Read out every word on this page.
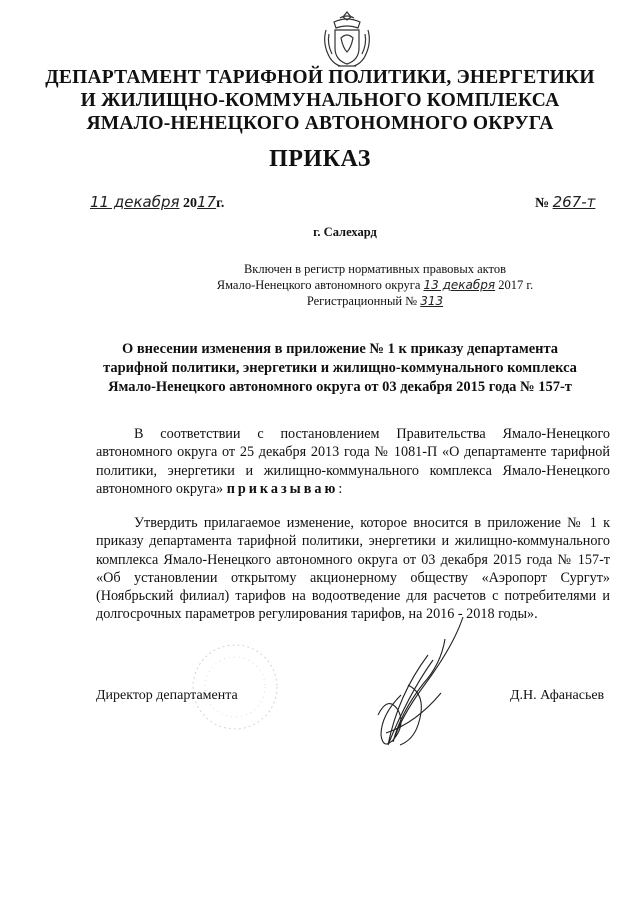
ДЕПАРТАМЕНТ ТАРИФНОЙ ПОЛИТИКИ, ЭНЕРГЕТИКИ
И ЖИЛИЩНО-КОММУНАЛЬНОГО КОМПЛЕКСА
ЯМАЛО-НЕНЕЦКОГО АВТОНОМНОГО ОКРУГА
ПРИКАЗ
11 декабря 2017г.	№ 267-т
г. Салехард
Включен в регистр нормативных правовых актов
Ямало-Ненецкого автономного округа 13 декабря 2017 г.
Регистрационный № 313
О внесении изменения в приложение № 1 к приказу департамента
тарифной политики, энергетики и жилищно-коммунального комплекса
Ямало-Ненецкого автономного округа от 03 декабря 2015 года № 157-т
В соответствии с постановлением Правительства Ямало-Ненецкого автономного округа от 25 декабря 2013 года № 1081-П «О департаменте тарифной политики, энергетики и жилищно-коммунального комплекса Ямало-Ненецкого автономного округа» приказываю:
Утвердить прилагаемое изменение, которое вносится в приложение № 1 к приказу департамента тарифной политики, энергетики и жилищно-коммунального комплекса Ямало-Ненецкого автономного округа от 03 декабря 2015 года № 157-т «Об установлении открытому акционерному обществу «Аэропорт Сургут» (Ноябрьский филиал) тарифов на водоотведение для расчетов с потребителями и долгосрочных параметров регулирования тарифов, на 2016 - 2018 годы».
Директор департамента	Д.Н. Афанасьев
